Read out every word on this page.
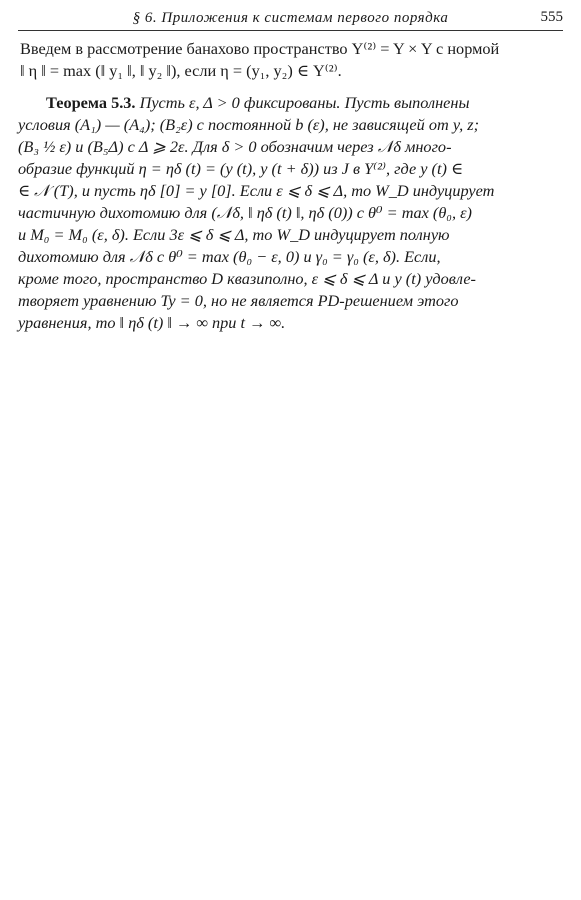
§ 6. Приложения к системам первого порядка	555
Введем в рассмотрение банахово пространство Y⁽²⁾ = Y × Y с нормой
‖ η ‖ = max (‖ y₁ ‖, ‖ y₂ ‖), если η = (y₁, y₂) ∈ Y⁽²⁾.
Теорема 5.3. Пусть ε, Δ > 0 фиксированы. Пусть выполнены
условия (A₁) — (A₄); (B₂ε) с постоянной b (ε), не зависящей от y, z;
(B₃ ½ ε) и (B₅Δ) с Δ ⩾ 2ε. Для δ > 0 обозначим через 𝒩δ много-
образие функций η = ηδ (t) = (y (t), y (t + δ)) из J в Y⁽²⁾, где y (t) ∈
∈ 𝒩 (T), и пусть ηδ [0] = y [0]. Если ε ⩽ δ ⩽ Δ, то W_D индуцирует
частичную дихотомию для (𝒩δ, ‖ ηδ (t) ‖, ηδ (0)) с θ⁰ = max (θ₀, ε)
и M₀ = M₀ (ε, δ). Если 3ε ⩽ δ ⩽ Δ, то W_D индуцирует полную
дихотомию для 𝒩δ с θ⁰ = max (θ₀ − ε, 0) и γ₀ = γ₀ (ε, δ). Если,
кроме того, пространство D квазиполно, ε ⩽ δ ⩽ Δ и y (t) удовле-
творяет уравнению Ty = 0, но не является PD-решением этого
уравнения, то ‖ ηδ (t) ‖ → ∞ при t → ∞.
